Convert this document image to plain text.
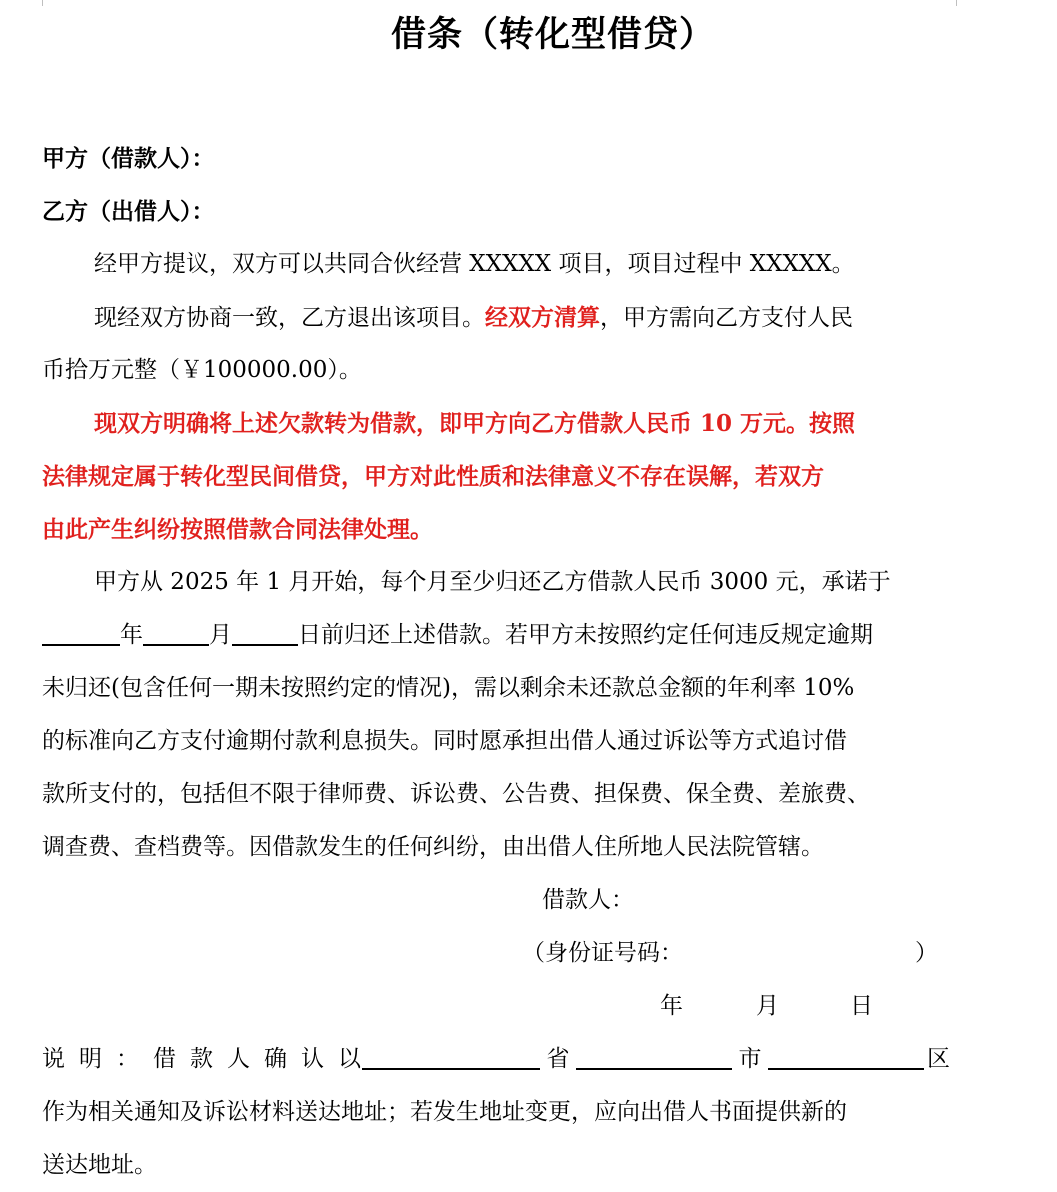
借条（转化型借贷）
甲方（借款人）：
乙方（出借人）：
经甲方提议，双方可以共同合伙经营 XXXXX 项目，项目过程中 XXXXX。
现经双方协商一致，乙方退出该项目。经双方清算，甲方需向乙方支付人民
币拾万元整（￥100000.00）。
现双方明确将上述欠款转为借款，即甲方向乙方借款人民币 10 万元。按照
法律规定属于转化型民间借贷，甲方对此性质和法律意义不存在误解，若双方
由此产生纠纷按照借款合同法律处理。
甲方从 2025 年 1 月开始，每个月至少归还乙方借款人民币 3000 元，承诺于
年	月	日前归还上述借款。若甲方未按照约定任何违反规定逾期
未归还(包含任何一期未按照约定的情况)，需以剩余未还款总金额的年利率 10%
的标准向乙方支付逾期付款利息损失。同时愿承担出借人通过诉讼等方式追讨借
款所支付的，包括但不限于律师费、诉讼费、公告费、担保费、保全费、差旅费、
调查费、查档费等。因借款发生的任何纠纷，由出借人住所地人民法院管辖。
借款人：
（身份证号码：	）
年	月	日
说明：借款人确认以	省	市	区
作为相关通知及诉讼材料送达地址；若发生地址变更，应向出借人书面提供新的
送达地址。
